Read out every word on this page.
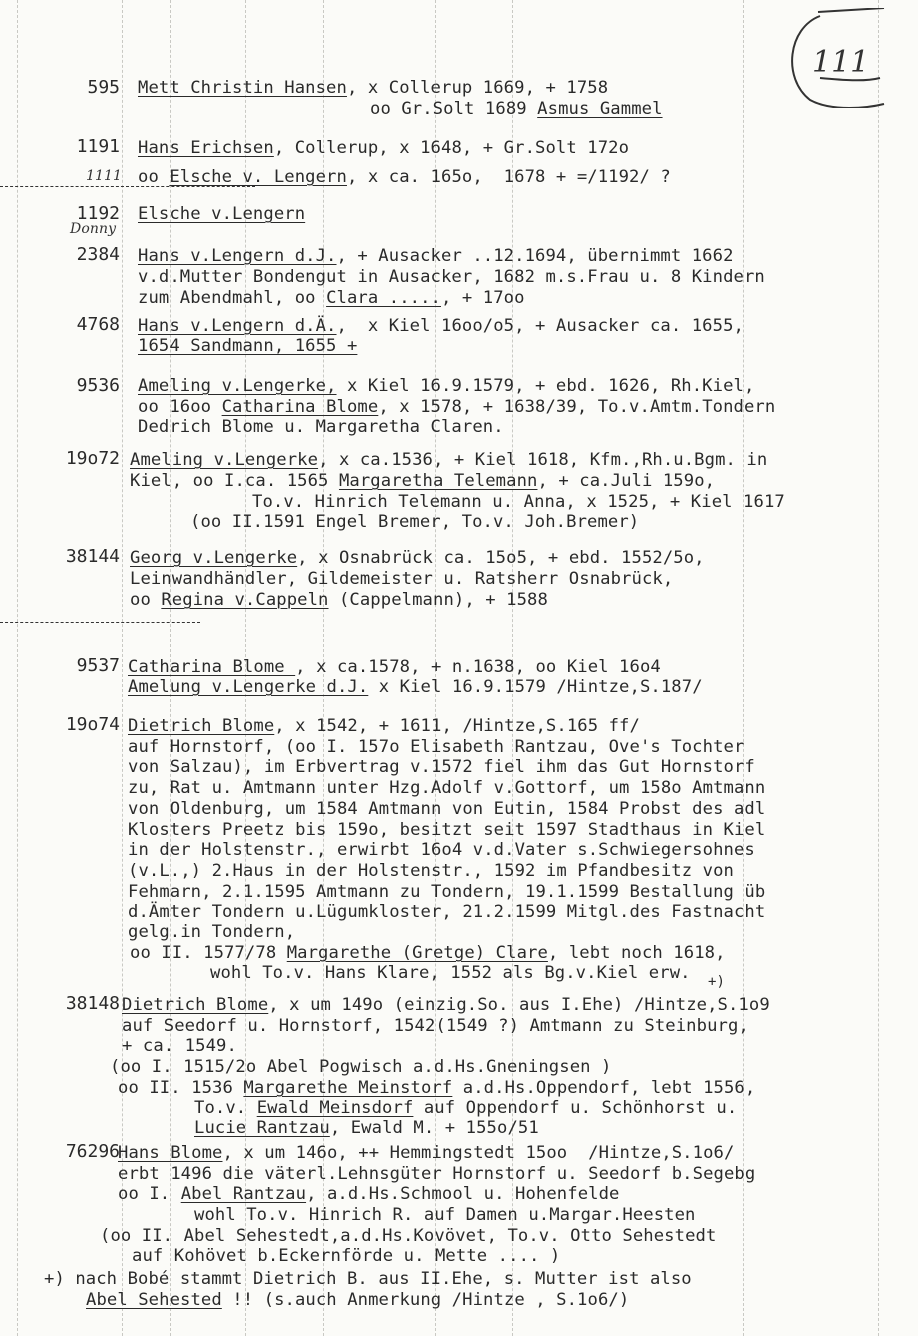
111
595 Mett Christin Hansen, x Collerup 1669, + 1758
oo Gr.Solt 1689 Asmus Gammel
1191 Hans Erichsen, Collerup, x 1648, + Gr.Solt 172o
1111 oo Elsche v. Lengern, x ca. 165o,  1678 + =/1192/ ?
1192
Donny
Elsche v.Lengern
2384 Hans v.Lengern d.J., + Ausacker ..12.1694, übernimmt 1662
v.d.Mutter Bondengut in Ausacker, 1682 m.s.Frau u. 8 Kindern
zum Abendmahl, oo Clara ....., + 17oo
4768 Hans v.Lengern d.Ä.,  x Kiel 16oo/o5, + Ausacker ca. 1655,
1654 Sandmann, 1655 +
9536 Ameling v.Lengerke, x Kiel 16.9.1579, + ebd. 1626, Rh.Kiel,
oo 16oo Catharina Blome, x 1578, + 1638/39, To.v.Amtm.Tondern
Dedrich Blome u. Margaretha Claren.
19o72 Ameling v.Lengerke, x ca.1536, + Kiel 1618, Kfm.,Rh.u.Bgm. in
Kiel, oo I.ca. 1565 Margaretha Telemann, + ca.Juli 159o,
To.v. Hinrich Telemann u. Anna, x 1525, + Kiel 1617
(oo II.1591 Engel Bremer, To.v. Joh.Bremer)
38144 Georg v.Lengerke, x Osnabrück ca. 15o5, + ebd. 1552/5o,
Leinwandhändler, Gildemeister u. Ratsherr Osnabrück,
oo Regina v.Cappeln (Cappelmann), + 1588
9537 Catharina Blome , x ca.1578, + n.1638, oo Kiel 16o4
Amelung v.Lengerke d.J. x Kiel 16.9.1579 /Hintze,S.187/
19o74 Dietrich Blome, x 1542, + 1611, /Hintze,S.165 ff/
auf Hornstorf, (oo I. 157o Elisabeth Rantzau, Ove's Tochter
von Salzau), im Erbvertrag v.1572 fiel ihm das Gut Hornstorf
zu, Rat u. Amtmann unter Hzg.Adolf v.Gottorf, um 158o Amtmann
von Oldenburg, um 1584 Amtmann von Eutin, 1584 Probst des adl
Klosters Preetz bis 159o, besitzt seit 1597 Stadthaus in Kiel
in der Holstenstr., erwirbt 16o4 v.d.Vater s.Schwiegersohnes
(v.L.,) 2.Haus in der Holstenstr., 1592 im Pfandbesitz von
Fehmarn, 2.1.1595 Amtmann zu Tondern, 19.1.1599 Bestallung üb
d.Ämter Tondern u.Lügumkloster, 21.2.1599 Mitgl.des Fastnacht
gelg.in Tondern,
oo II. 1577/78 Margarethe (Gretge) Clare, lebt noch 1618,
wohl To.v. Hans Klare, 1552 als Bg.v.Kiel erw.
38148
+)
Dietrich Blome, x um 149o (einzig.So. aus I.Ehe) /Hintze,S.1o9
auf Seedorf u. Hornstorf, 1542(1549 ?) Amtmann zu Steinburg,
+ ca. 1549.
(oo I. 1515/2o Abel Pogwisch a.d.Hs.Gneningsen )
oo II. 1536 Margarethe Meinstorf a.d.Hs.Oppendorf, lebt 1556,
To.v. Ewald Meinsdorf auf Oppendorf u. Schönhorst u.
Lucie Rantzau, Ewald M. + 155o/51
76296
Hans Blome, x um 146o, ++ Hemmingstedt 15oo  /Hintze,S.1o6/
erbt 1496 die väterl.Lehnsgüter Hornstorf u. Seedorf b.Segebg
oo I. Abel Rantzau, a.d.Hs.Schmool u. Hohenfelde
wohl To.v. Hinrich R. auf Damen u.Margar.Heesten
(oo II. Abel Sehestedt,a.d.Hs.Kovövet, To.v. Otto Sehestedt
auf Kohövet b.Eckernförde u. Mette .... )
+) nach Bobé stammt Dietrich B. aus II.Ehe, s. Mutter ist also
Abel Sehested !! (s.auch Anmerkung /Hintze , S.1o6/)
